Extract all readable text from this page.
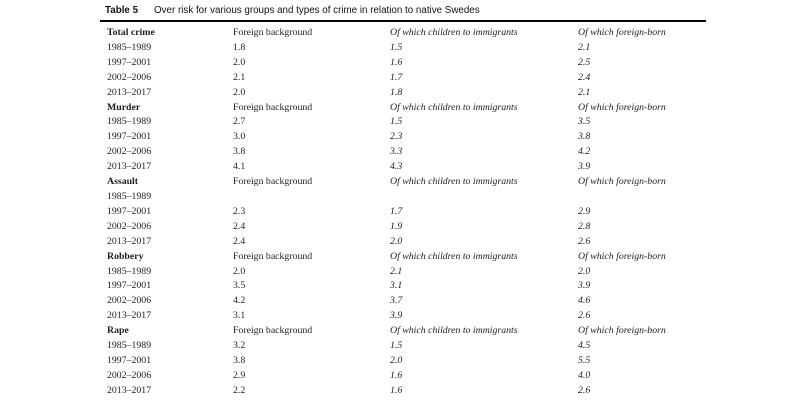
Table 5 Over risk for various groups and types of crime in relation to native Swedes
Total crime	Foreign background	Of which children to immigrants	Of which foreign-born
1985–1989	1.8	1.5	2.1
1997–2001	2.0	1.6	2.5
2002–2006	2.1	1.7	2.4
2013–2017	2.0	1.8	2.1
Murder	Foreign background	Of which children to immigrants	Of which foreign-born
1985–1989	2.7	1.5	3.5
1997–2001	3.0	2.3	3.8
2002–2006	3.8	3.3	4.2
2013–2017	4.1	4.3	3.9
Assault	Foreign background	Of which children to immigrants	Of which foreign-born
1985–1989			
1997–2001	2.3	1.7	2.9
2002–2006	2.4	1.9	2.8
2013–2017	2.4	2.0	2.6
Robbery	Foreign background	Of which children to immigrants	Of which foreign-born
1985–1989	2.0	2.1	2.0
1997–2001	3.5	3.1	3.9
2002–2006	4.2	3.7	4.6
2013–2017	3.1	3.9	2.6
Rape	Foreign background	Of which children to immigrants	Of which foreign-born
1985–1989	3.2	1.5	4.5
1997–2001	3.8	2.0	5.5
2002–2006	2.9	1.6	4.0
2013–2017	2.2	1.6	2.6
